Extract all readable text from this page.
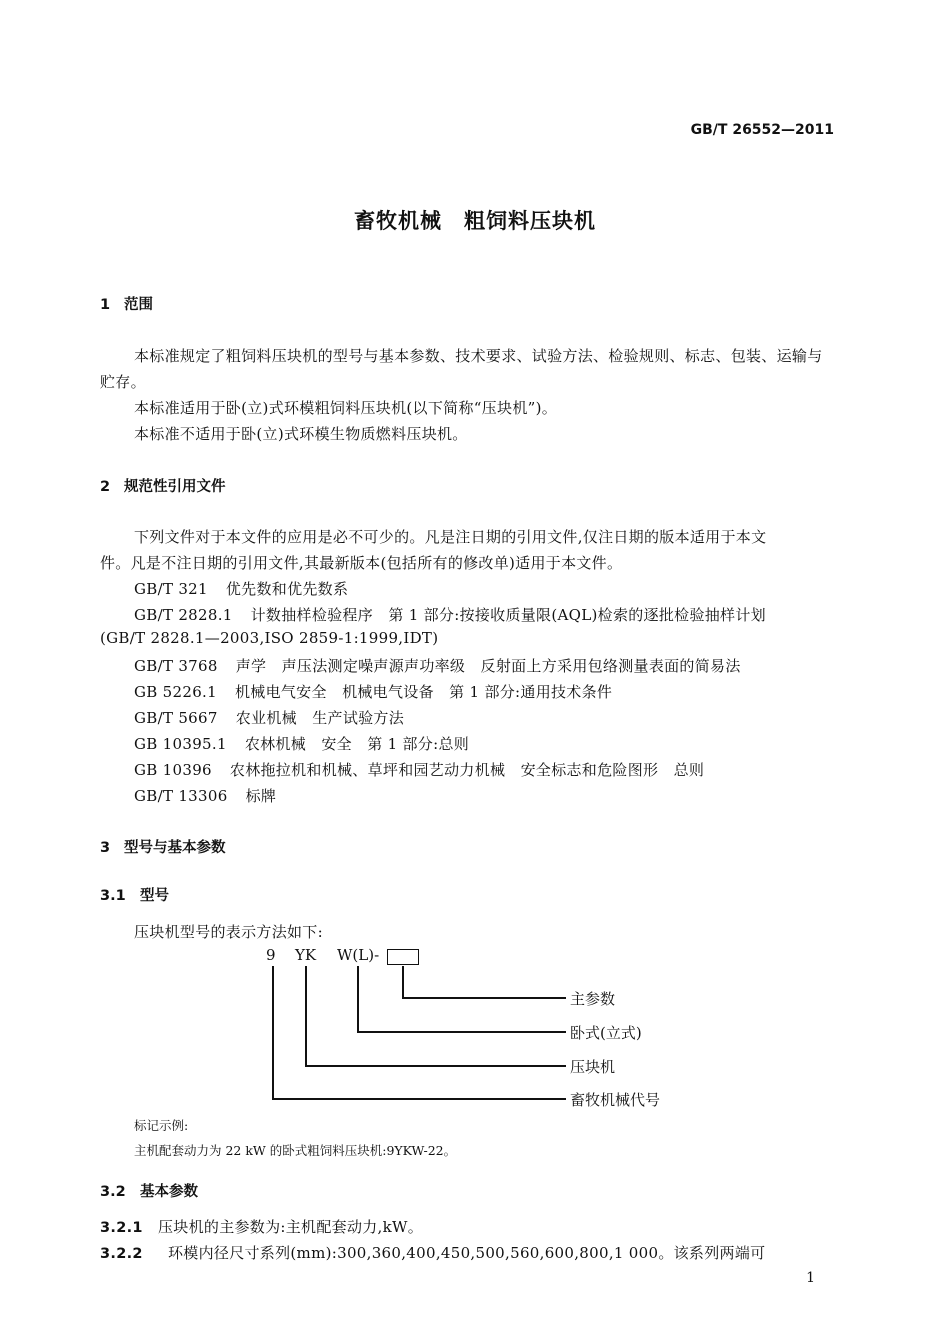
GB/T 26552—2011
畜牧机械 粗饲料压块机
1 范围
本标准规定了粗饲料压块机的型号与基本参数、技术要求、试验方法、检验规则、标志、包装、运输与
贮存。
本标准适用于卧(立)式环模粗饲料压块机(以下简称“压块机”)。
本标准不适用于卧(立)式环模生物质燃料压块机。
2 规范性引用文件
下列文件对于本文件的应用是必不可少的。凡是注日期的引用文件,仅注日期的版本适用于本文
件。凡是不注日期的引用文件,其最新版本(包括所有的修改单)适用于本文件。
GB/T 321 优先数和优先数系
GB/T 2828.1 计数抽样检验程序　第 1 部分:按接收质量限(AQL)检索的逐批检验抽样计划
(GB/T 2828.1—2003,ISO 2859-1:1999,IDT)
GB/T 3768 声学　声压法测定噪声源声功率级　反射面上方采用包络测量表面的简易法
GB 5226.1 机械电气安全　机械电气设备　第 1 部分:通用技术条件
GB/T 5667 农业机械　生产试验方法
GB 10395.1 农林机械　安全　第 1 部分:总则
GB 10396 农林拖拉机和机械、草坪和园艺动力机械　安全标志和危险图形　总则
GB/T 13306 标牌
3 型号与基本参数
3.1 型号
压块机型号的表示方法如下:
9 YK W(L)-
主参数
卧式(立式)
压块机
畜牧机械代号
标记示例:
主机配套动力为 22 kW 的卧式粗饲料压块机:9YKW-22。
3.2 基本参数
3.2.1 压块机的主参数为:主机配套动力,kW。
3.2.2 环模内径尺寸系列(mm):300,360,400,450,500,560,600,800,1 000。该系列两端可
1
